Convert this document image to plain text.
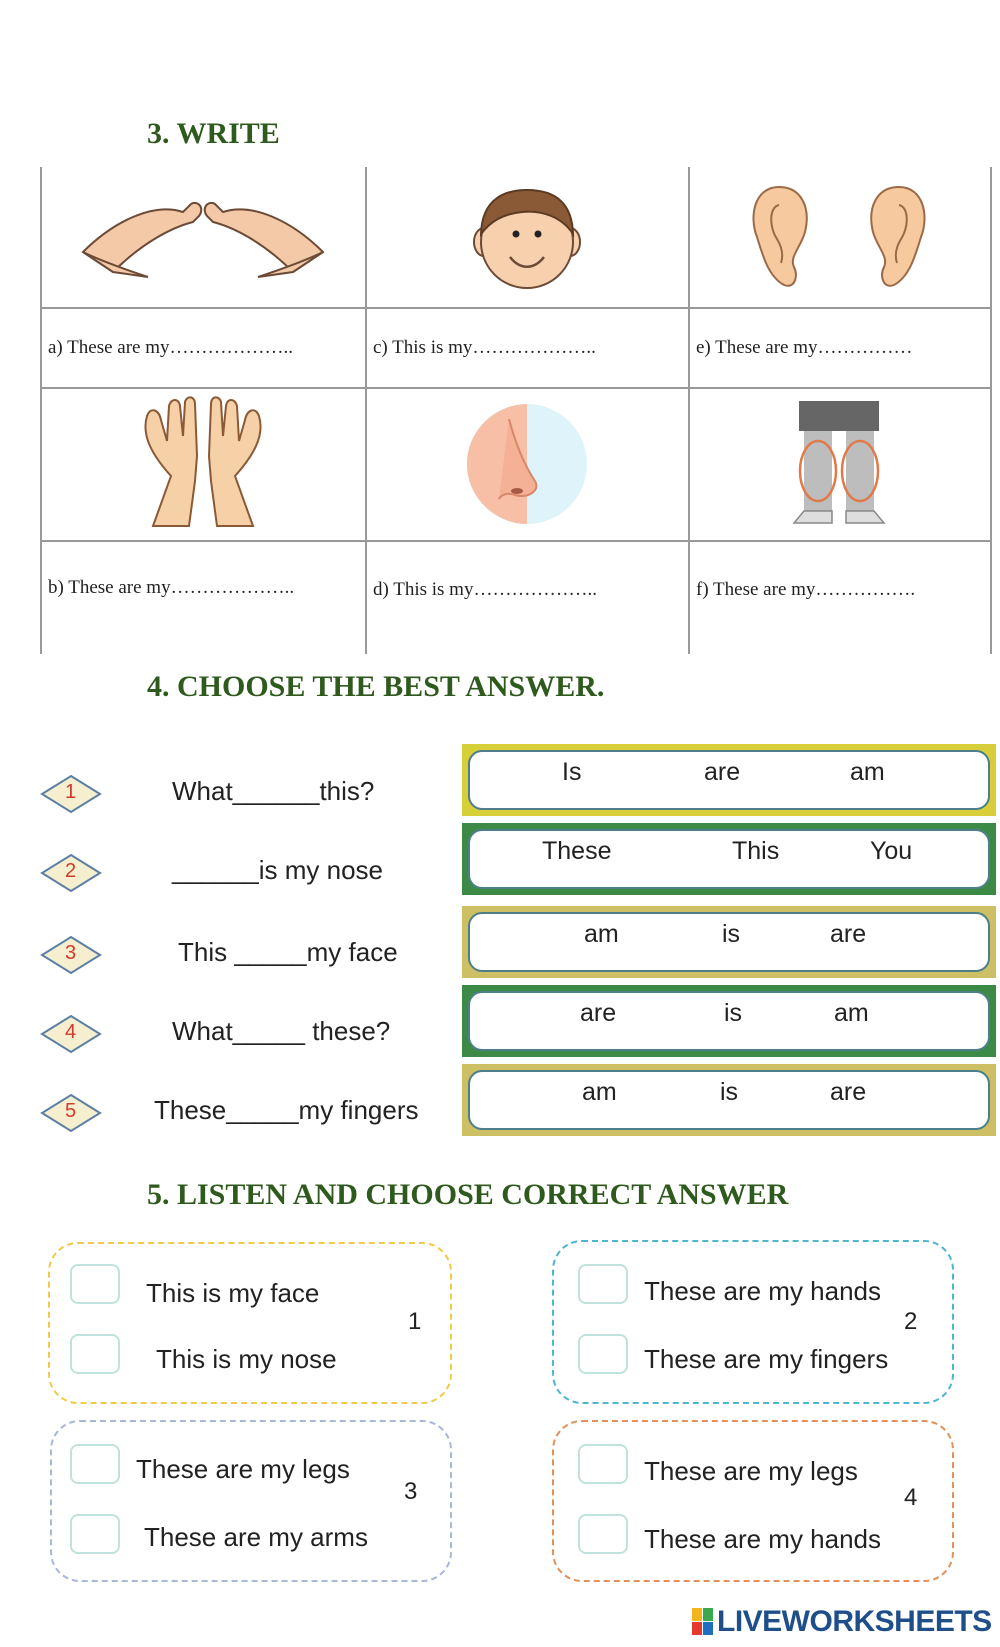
3. WRITE
a) These are my………………..	c) This is my………………..	e) These are my……………
b) These are my………………..	d) This is my………………..	f) These are my…………….
4. CHOOSE THE BEST ANSWER.
1	What______this?
2	______is my nose
3	This _____my face
4	What_____ these?
5	These_____my fingers
Is	are	am
These	This	You
am	is	are
are	is	am
am	is	are
5. LISTEN AND CHOOSE CORRECT ANSWER
This is my face
1
This is my nose
These are my hands
2
These are my fingers
These are my legs
3
These are my arms
These are my legs
4
These are my hands
LIVEWORKSHEETS
